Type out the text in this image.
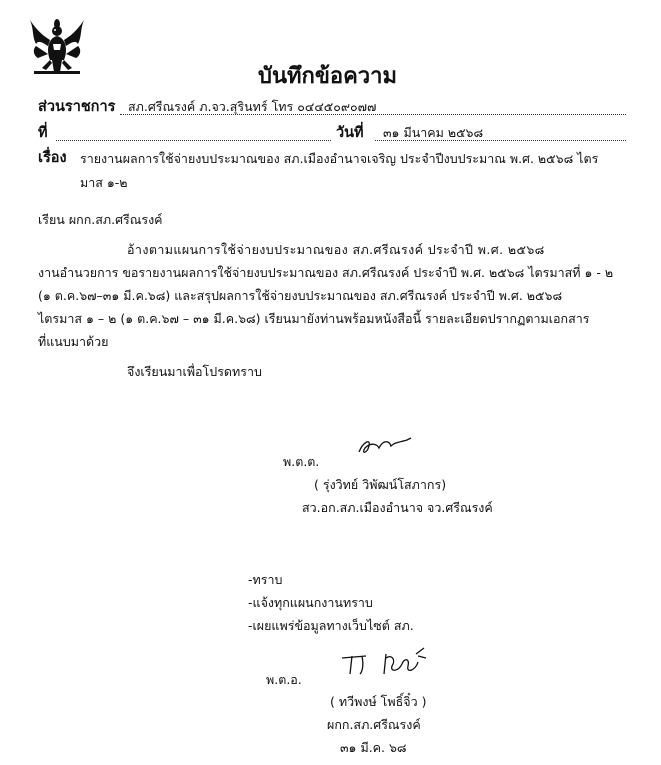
บันทึกข้อความ
ส่วนราชการ สภ.ศรีณรงค์ ภ.จว.สุรินทร์ โทร ๐๔๔๕๐๙๐๗๗
ที่	วันที่ ๓๑ มีนาคม ๒๕๖๘
เรื่อง รายงานผลการใช้จ่ายงบประมาณของ สภ.เมืองอำนาจเจริญ ประจำปีงบประมาณ พ.ศ. ๒๕๖๘ ไตร
มาส ๑-๒
เรียน ผกก.สภ.ศรีณรงค์
อ้างตามแผนการใช้จ่ายงบประมาณของ สภ.ศรีณรงค์ ประจำปี พ.ศ. ๒๕๖๘
งานอำนวยการ ขอรายงานผลการใช้จ่ายงบประมาณของ สภ.ศรีณรงค์ ประจำปี พ.ศ. ๒๕๖๘ ไตรมาสที่ ๑ - ๒
(๑ ต.ค.๖๗–๓๑ มี.ค.๖๘) และสรุปผลการใช้จ่ายงบประมาณของ สภ.ศรีณรงค์ ประจำปี พ.ศ. ๒๕๖๘
ไตรมาส ๑ – ๒ (๑ ต.ค.๖๗ – ๓๑ มี.ค.๖๘) เรียนมายังท่านพร้อมหนังสือนี้ รายละเอียดปรากฏตามเอกสาร
ที่แนบมาด้วย
จึงเรียนมาเพื่อโปรดทราบ
พ.ต.ต.
( รุ่งวิทย์ วิพัฒน์โสภากร)
สว.อก.สภ.เมืองอำนาจ จว.ศรีณรงค์
-ทราบ
-แจ้งทุกแผนกงานทราบ
-เผยแพร่ข้อมูลทางเว็บไซต์ สภ.
พ.ต.อ.
( ทวีพงษ์ โพธิ์จิ๋ว )
ผกก.สภ.ศรีณรงค์
๓๑ มี.ค. ๖๘
